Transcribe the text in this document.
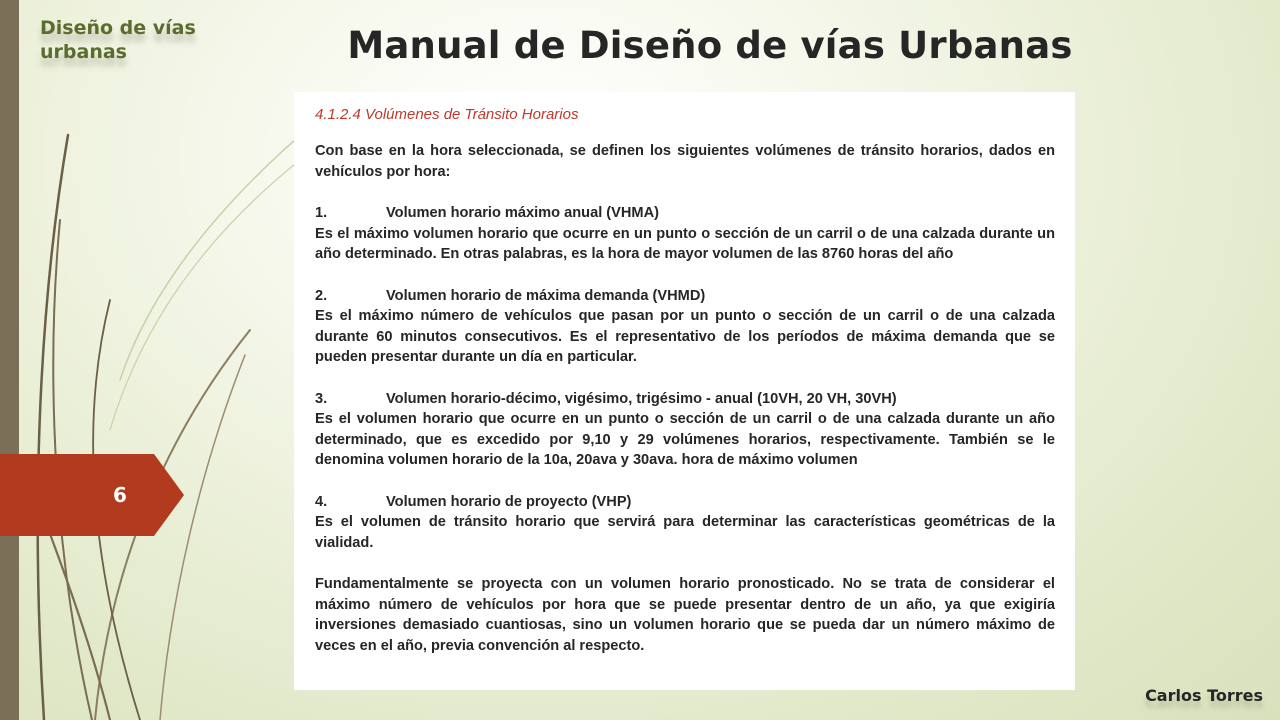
Diseño de vías urbanas	Manual de Diseño de vías Urbanas
6
4.1.2.4 Volúmenes de Tránsito Horarios

Con base en la hora seleccionada, se definen los siguientes volúmenes de tránsito horarios, dados en vehículos por hora:

1.	Volumen horario máximo anual (VHMA)

Es el máximo volumen horario que ocurre en un punto o sección de un carril o de una calzada durante un año determinado. En otras palabras, es la hora de mayor volumen de las 8760 horas del año

2.	Volumen horario de máxima demanda (VHMD)

Es el máximo número de vehículos que pasan por un punto o sección de un carril o de una calzada durante 60 minutos consecutivos. Es el representativo de los períodos de máxima demanda que se pueden presentar durante un día en particular.

3.	Volumen horario-décimo, vigésimo, trigésimo - anual (10VH, 20 VH, 30VH)

Es el volumen horario que ocurre en un punto o sección de un carril o de una calzada durante un año determinado, que es excedido por 9,10 y 29 volúmenes horarios, respectivamente. También se le denomina volumen horario de la 10a, 20ava y 30ava. hora de máximo volumen

4.	Volumen horario de proyecto (VHP)

Es el volumen de tránsito horario que servirá para determinar las características geométricas de la vialidad.

Fundamentalmente se proyecta con un volumen horario pronosticado. No se trata de considerar el máximo número de vehículos por hora que se puede presentar dentro de un año, ya que exigiría inversiones demasiado cuantiosas, sino un volumen horario que se pueda dar un número máximo de veces en el año, previa convención al respecto.

Carlos Torres
